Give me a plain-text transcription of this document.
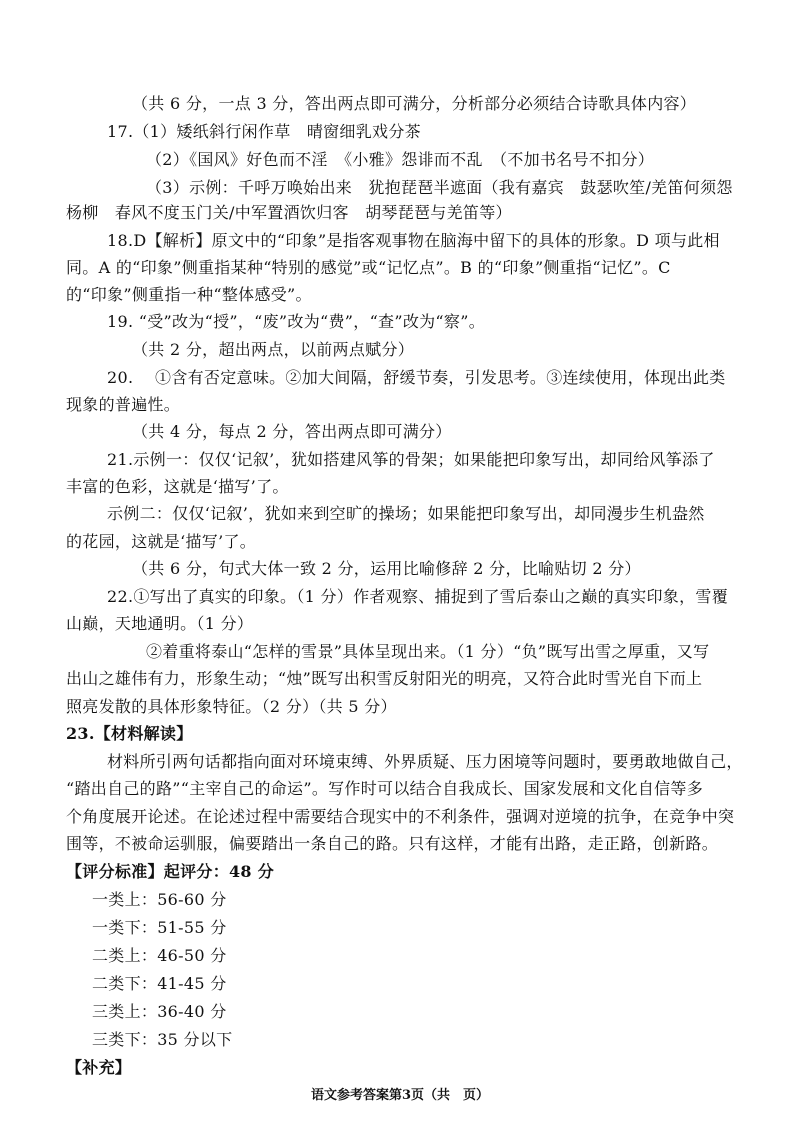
（共 6 分，一点 3 分，答出两点即可满分，分析部分必须结合诗歌具体内容）
17.（1）矮纸斜行闲作草　晴窗细乳戏分茶
（2）《国风》好色而不淫　《小雅》怨诽而不乱　（不加书名号不扣分）
（3）示例：千呼万唤始出来　犹抱琵琶半遮面（我有嘉宾　鼓瑟吹笙/羌笛何须怨
杨柳　春风不度玉门关/中军置酒饮归客　胡琴琵琶与羌笛等）
18.D【解析】原文中的“印象”是指客观事物在脑海中留下的具体的形象。D 项与此相
同。A 的“印象”侧重指某种“特别的感觉”或“记忆点”。B 的“印象”侧重指“记忆”。C
的“印象”侧重指一种“整体感受”。
19. “受”改为“授”，“废”改为“费”，“查”改为“察”。
（共 2 分，超出两点，以前两点赋分）
20.　 ①含有否定意味。②加大间隔，舒缓节奏，引发思考。③连续使用，体现出此类
现象的普遍性。
（共 4 分，每点 2 分，答出两点即可满分）
21.示例一：仅仅‘记叙’，犹如搭建风筝的骨架；如果能把印象写出，却同给风筝添了
丰富的色彩，这就是‘描写’了。
示例二：仅仅‘记叙’，犹如来到空旷的操场；如果能把印象写出，却同漫步生机盎然
的花园，这就是‘描写’了。
（共 6 分，句式大体一致 2 分，运用比喻修辞 2 分，比喻贴切 2 分）
22.①写出了真实的印象。（1 分）作者观察、捕捉到了雪后泰山之巅的真实印象，雪覆
山巅，天地通明。（1 分）
②着重将泰山“怎样的雪景”具体呈现出来。（1 分）“负”既写出雪之厚重，又写
出山之雄伟有力，形象生动；“烛”既写出积雪反射阳光的明亮，又符合此时雪光自下而上
照亮发散的具体形象特征。（2 分）（共 5 分）
23.【材料解读】
材料所引两句话都指向面对环境束缚、外界质疑、压力困境等问题时，要勇敢地做自己，
“踏出自己的路”“主宰自己的命运”。写作时可以结合自我成长、国家发展和文化自信等多
个角度展开论述。在论述过程中需要结合现实中的不利条件，强调对逆境的抗争，在竞争中突
围等，不被命运驯服，偏要踏出一条自己的路。只有这样，才能有出路，走正路，创新路。
【评分标准】起评分：48 分
一类上：56-60 分
一类下：51-55 分
二类上：46-50 分
二类下：41-45 分
三类上：36-40 分
三类下：35 分以下
【补充】
语文参考答案第3页（共　页）
